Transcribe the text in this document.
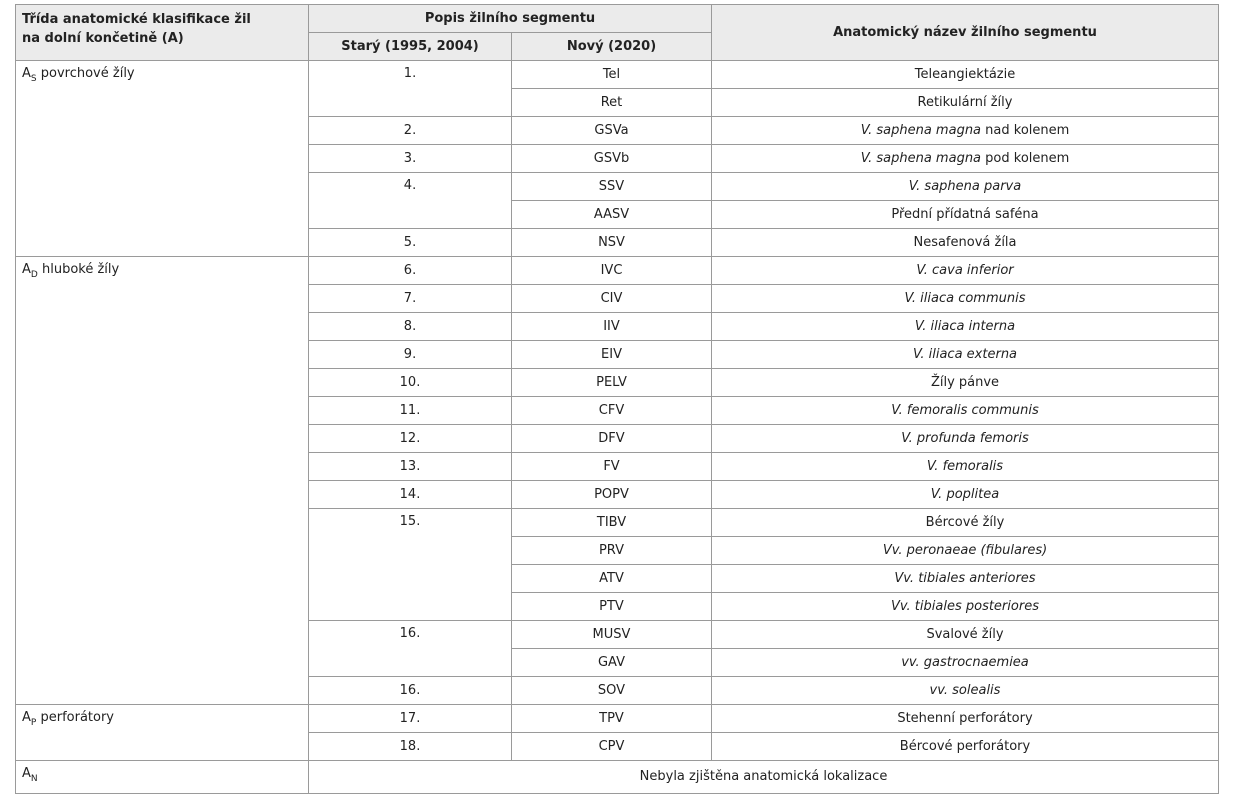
Třída anatomické klasifikace žil
na dolní končetině (A)	Popis žilního segmentu		Anatomický název žilního segmentu
	Starý (1995, 2004)	Nový (2020)	
$A_S$ povrchové žíly	1.	Tel	Teleangiektázie
		Ret	Retikulární žíly
	2.	GSVa	V. saphena magna nad kolenem
	3.	GSVb	V. saphena magna pod kolenem
	4.	SSV	V. saphena parva
		AASV	Přední přídatná saféna
	5.	NSV	Nesafenová žíla
$A_D$ hluboké žíly	6.	IVC	V. cava inferior
	7.	CIV	V. iliaca communis
	8.	IIV	V. iliaca interna
	9.	EIV	V. iliaca externa
	10.	PELV	Žíly pánve
	11.	CFV	V. femoralis communis
	12.	DFV	V. profunda femoris
	13.	FV	V. femoralis
	14.	POPV	V. poplitea
	15.	TIBV	Bércové žíly
		PRV	Vv. peronaeae (fibulares)
		ATV	Vv. tibiales anteriores
		PTV	Vv. tibiales posteriores
	16.	MUSV	Svalové žíly
		GAV	vv. gastrocnaemiea
	16.	SOV	vv. solealis
$A_P$ perforátory	17.	TPV	Stehenní perforátory
	18.	CPV	Bércové perforátory
$A_N$	Nebyla zjištěna anatomická lokalizace		
